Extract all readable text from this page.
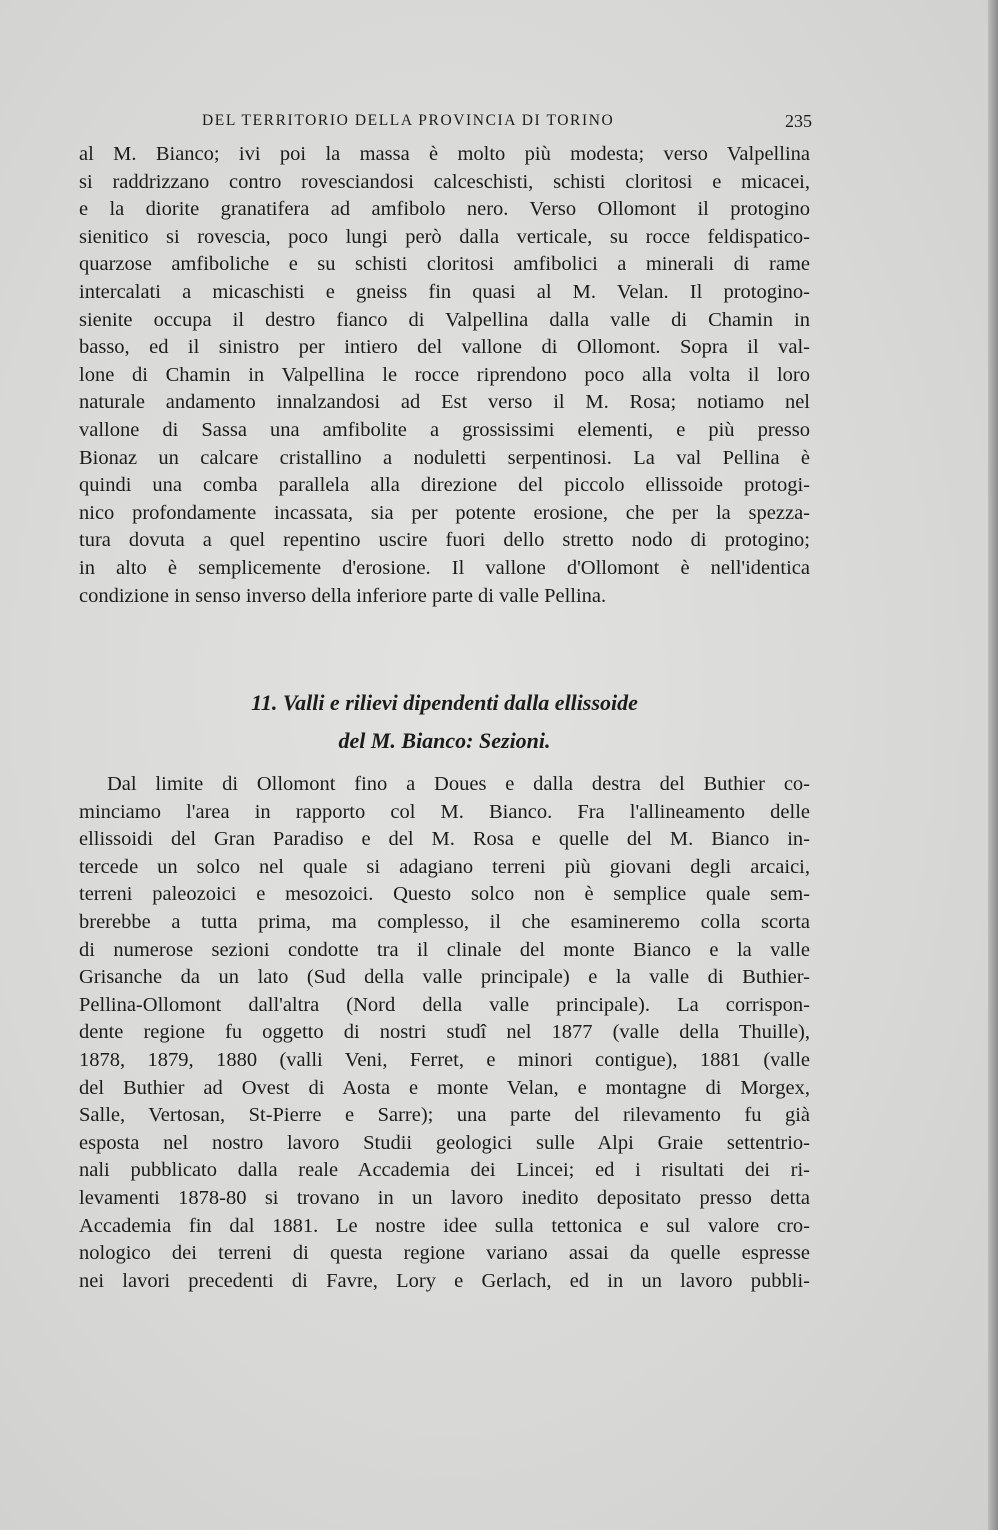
DEL TERRITORIO DELLA PROVINCIA DI TORINO	235
al M. Bianco; ivi poi la massa è molto più modesta; verso Valpellina
si raddrizzano contro rovesciandosi calceschisti, schisti cloritosi e micacei,
e la diorite granatifera ad amfibolo nero. Verso Ollomont il protogino
sienitico si rovescia, poco lungi però dalla verticale, su rocce feldispatico-
quarzose amfiboliche e su schisti cloritosi amfibolici a minerali di rame
intercalati a micaschisti e gneiss fin quasi al M. Velan. Il protogino-
sienite occupa il destro fianco di Valpellina dalla valle di Chamin in
basso, ed il sinistro per intiero del vallone di Ollomont. Sopra il val-
lone di Chamin in Valpellina le rocce riprendono poco alla volta il loro
naturale andamento innalzandosi ad Est verso il M. Rosa; notiamo nel
vallone di Sassa una amfibolite a grossissimi elementi, e più presso
Bionaz un calcare cristallino a noduletti serpentinosi. La val Pellina è
quindi una comba parallela alla direzione del piccolo ellissoide protogi-
nico profondamente incassata, sia per potente erosione, che per la spezza-
tura dovuta a quel repentino uscire fuori dello stretto nodo di protogino;
in alto è semplicemente d'erosione. Il vallone d'Ollomont è nell'identica
condizione in senso inverso della inferiore parte di valle Pellina.
11. Valli e rilievi dipendenti dalla ellissoide
del M. Bianco: Sezioni.
Dal limite di Ollomont fino a Doues e dalla destra del Buthier co-
minciamo l'area in rapporto col M. Bianco. Fra l'allineamento delle
ellissoidi del Gran Paradiso e del M. Rosa e quelle del M. Bianco in-
tercede un solco nel quale si adagiano terreni più giovani degli arcaici,
terreni paleozoici e mesozoici. Questo solco non è semplice quale sem-
brerebbe a tutta prima, ma complesso, il che esamineremo colla scorta
di numerose sezioni condotte tra il clinale del monte Bianco e la valle
Grisanche da un lato (Sud della valle principale) e la valle di Buthier-
Pellina-Ollomont dall'altra (Nord della valle principale). La corrispon-
dente regione fu oggetto di nostri studî nel 1877 (valle della Thuille),
1878, 1879, 1880 (valli Veni, Ferret, e minori contigue), 1881 (valle
del Buthier ad Ovest di Aosta e monte Velan, e montagne di Morgex,
Salle, Vertosan, St-Pierre e Sarre); una parte del rilevamento fu già
esposta nel nostro lavoro Studii geologici sulle Alpi Graie settentrio-
nali pubblicato dalla reale Accademia dei Lincei; ed i risultati dei ri-
levamenti 1878-80 si trovano in un lavoro inedito depositato presso detta
Accademia fin dal 1881. Le nostre idee sulla tettonica e sul valore cro-
nologico dei terreni di questa regione variano assai da quelle espresse
nei lavori precedenti di Favre, Lory e Gerlach, ed in un lavoro pubbli-
